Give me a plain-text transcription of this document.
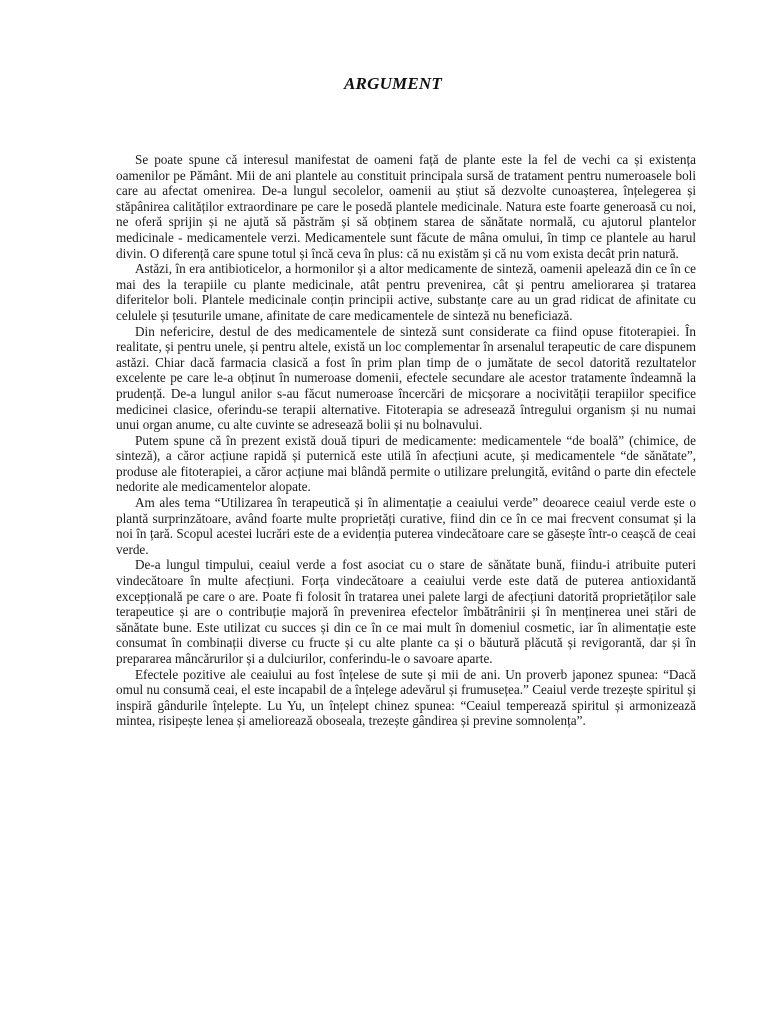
ARGUMENT

Se poate spune că interesul manifestat de oameni față de plante este la fel de vechi ca și existența oamenilor pe Pământ. Mii de ani plantele au constituit principala sursă de tratament pentru numeroasele boli care au afectat omenirea. De-a lungul secolelor, oamenii au știut să dezvolte cunoașterea, înțelegerea și stăpânirea calităților extraordinare pe care le posedă plantele medicinale. Natura este foarte generoasă cu noi, ne oferă sprijin și ne ajută să păstrăm și să obținem starea de sănătate normală, cu ajutorul plantelor medicinale - medicamentele verzi. Medicamentele sunt făcute de mâna omului, în timp ce plantele au harul divin. O diferență care spune totul și încă ceva în plus: că nu existăm și că nu vom exista decât prin natură.

Astăzi, în era antibioticelor, a hormonilor și a altor medicamente de sinteză, oamenii apelează din ce în ce mai des la terapiile cu plante medicinale, atât pentru prevenirea, cât și pentru ameliorarea și tratarea diferitelor boli. Plantele medicinale conțin principii active, substanțe care au un grad ridicat de afinitate cu celulele și țesuturile umane, afinitate de care medicamentele de sinteză nu beneficiază.

Din nefericire, destul de des medicamentele de sinteză sunt considerate ca fiind opuse fitoterapiei. În realitate, și pentru unele, și pentru altele, există un loc complementar în arsenalul terapeutic de care dispunem astăzi. Chiar dacă farmacia clasică a fost în prim plan timp de o jumătate de secol datorită rezultatelor excelente pe care le-a obținut în numeroase domenii, efectele secundare ale acestor tratamente îndeamnă la prudență. De-a lungul anilor s-au făcut numeroase încercări de micșorare a nocivității terapiilor specifice medicinei clasice, oferindu-se terapii alternative. Fitoterapia se adresează întregului organism și nu numai unui organ anume, cu alte cuvinte se adresează bolii și nu bolnavului.

Putem spune că în prezent există două tipuri de medicamente: medicamentele “de boală” (chimice, de sinteză), a căror acțiune rapidă și puternică este utilă în afecțiuni acute, și medicamentele “de sănătate”, produse ale fitoterapiei, a căror acțiune mai blândă permite o utilizare prelungită, evitând o parte din efectele nedorite ale medicamentelor alopate.

Am ales tema “Utilizarea în terapeutică și în alimentație a ceaiului verde” deoarece ceaiul verde este o plantă surprinzătoare, având foarte multe proprietăți curative, fiind din ce în ce mai frecvent consumat și la noi în țară. Scopul acestei lucrări este de a evidenția puterea vindecătoare care se găsește într-o ceașcă de ceai verde.

De-a lungul timpului, ceaiul verde a fost asociat cu o stare de sănătate bună, fiindu-i atribuite puteri vindecătoare în multe afecțiuni. Forța vindecătoare a ceaiului verde este dată de puterea antioxidantă excepțională pe care o are. Poate fi folosit în tratarea unei palete largi de afecțiuni datorită proprietăților sale terapeutice și are o contribuție majoră în prevenirea efectelor îmbătrânirii și în menținerea unei stări de sănătate bune. Este utilizat cu succes și din ce în ce mai mult în domeniul cosmetic, iar în alimentație este consumat în combinații diverse cu fructe și cu alte plante ca și o băutură plăcută și revigorantă, dar și în prepararea mâncărurilor și a dulciurilor, conferindu-le o savoare aparte.

Efectele pozitive ale ceaiului au fost înțelese de sute și mii de ani. Un proverb japonez spunea: “Dacă omul nu consumă ceai, el este incapabil de a înțelege adevărul și frumusețea.” Ceaiul verde trezește spiritul și inspiră gândurile înțelepte. Lu Yu, un înțelept chinez spunea: “Ceaiul temperează spiritul și armonizează mintea, risipește lenea și ameliorează oboseala, trezește gândirea și previne somnolența”.
